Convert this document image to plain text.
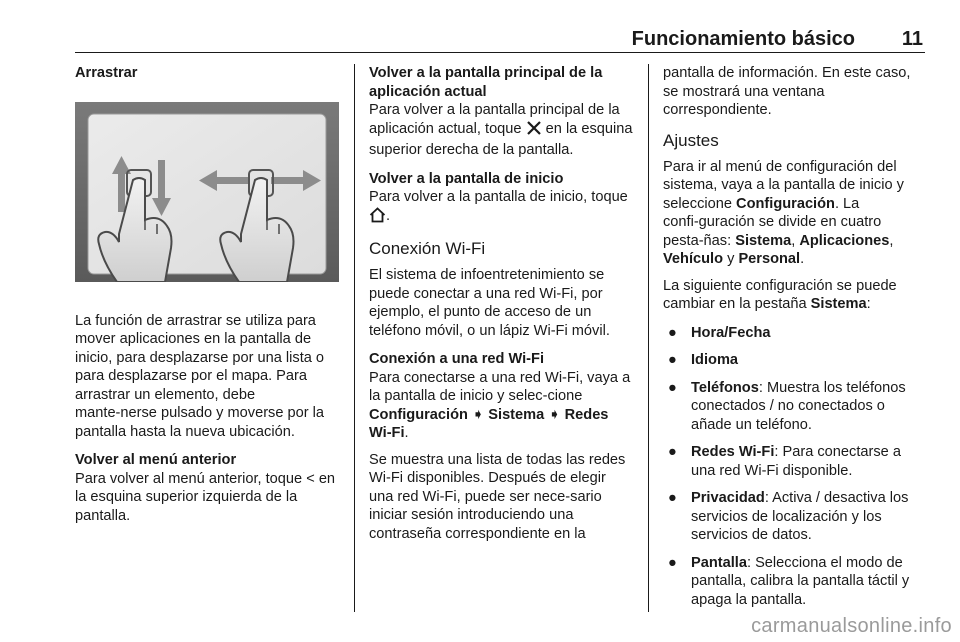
Funcionamiento básico 11
Arrastrar

La función de arrastrar se utiliza para mover aplicaciones en la pantalla de inicio, para desplazarse por una lista o para desplazarse por el mapa. Para arrastrar un elemento, debe mante‑nerse pulsado y moverse por la pantalla hasta la nueva ubicación.

Volver al menú anterior

Para volver al menú anterior, toque < en la esquina superior izquierda de la pantalla.

Volver a la pantalla principal de la aplicación actual

Para volver a la pantalla principal de la aplicación actual, toque en la esquina superior derecha de la pantalla.

Volver a la pantalla de inicio

Para volver a la pantalla de inicio, toque .

Conexión Wi-Fi

El sistema de infoentretenimiento se puede conectar a una red Wi-Fi, por ejemplo, el punto de acceso de un teléfono móvil, o un lápiz Wi-Fi móvil.

Conexión a una red Wi-Fi

Para conectarse a una red Wi-Fi, vaya a la pantalla de inicio y selec‑cione Configuración ➧ Sistema ➧ Redes Wi-Fi.

Se muestra una lista de todas las redes Wi-Fi disponibles. Después de elegir una red Wi-Fi, puede ser nece‑sario iniciar sesión introduciendo una contraseña correspondiente en la

pantalla de información. En este caso, se mostrará una ventana correspondiente.

Ajustes

Para ir al menú de configuración del sistema, vaya a la pantalla de inicio y seleccione Configuración. La confi‑guración se divide en cuatro pesta‑ñas: Sistema, Aplicaciones, Vehículo y Personal.

La siguiente configuración se puede cambiar en la pestaña Sistema:

● Hora/Fecha
● Idioma
● Teléfonos: Muestra los teléfonos conectados / no conectados o añade un teléfono.
● Redes Wi-Fi: Para conectarse a una red Wi-Fi disponible.
● Privacidad: Activa / desactiva los servicios de localización y los servicios de datos.
● Pantalla: Selecciona el modo de pantalla, calibra la pantalla táctil y apaga la pantalla.
carmanualsonline.info
